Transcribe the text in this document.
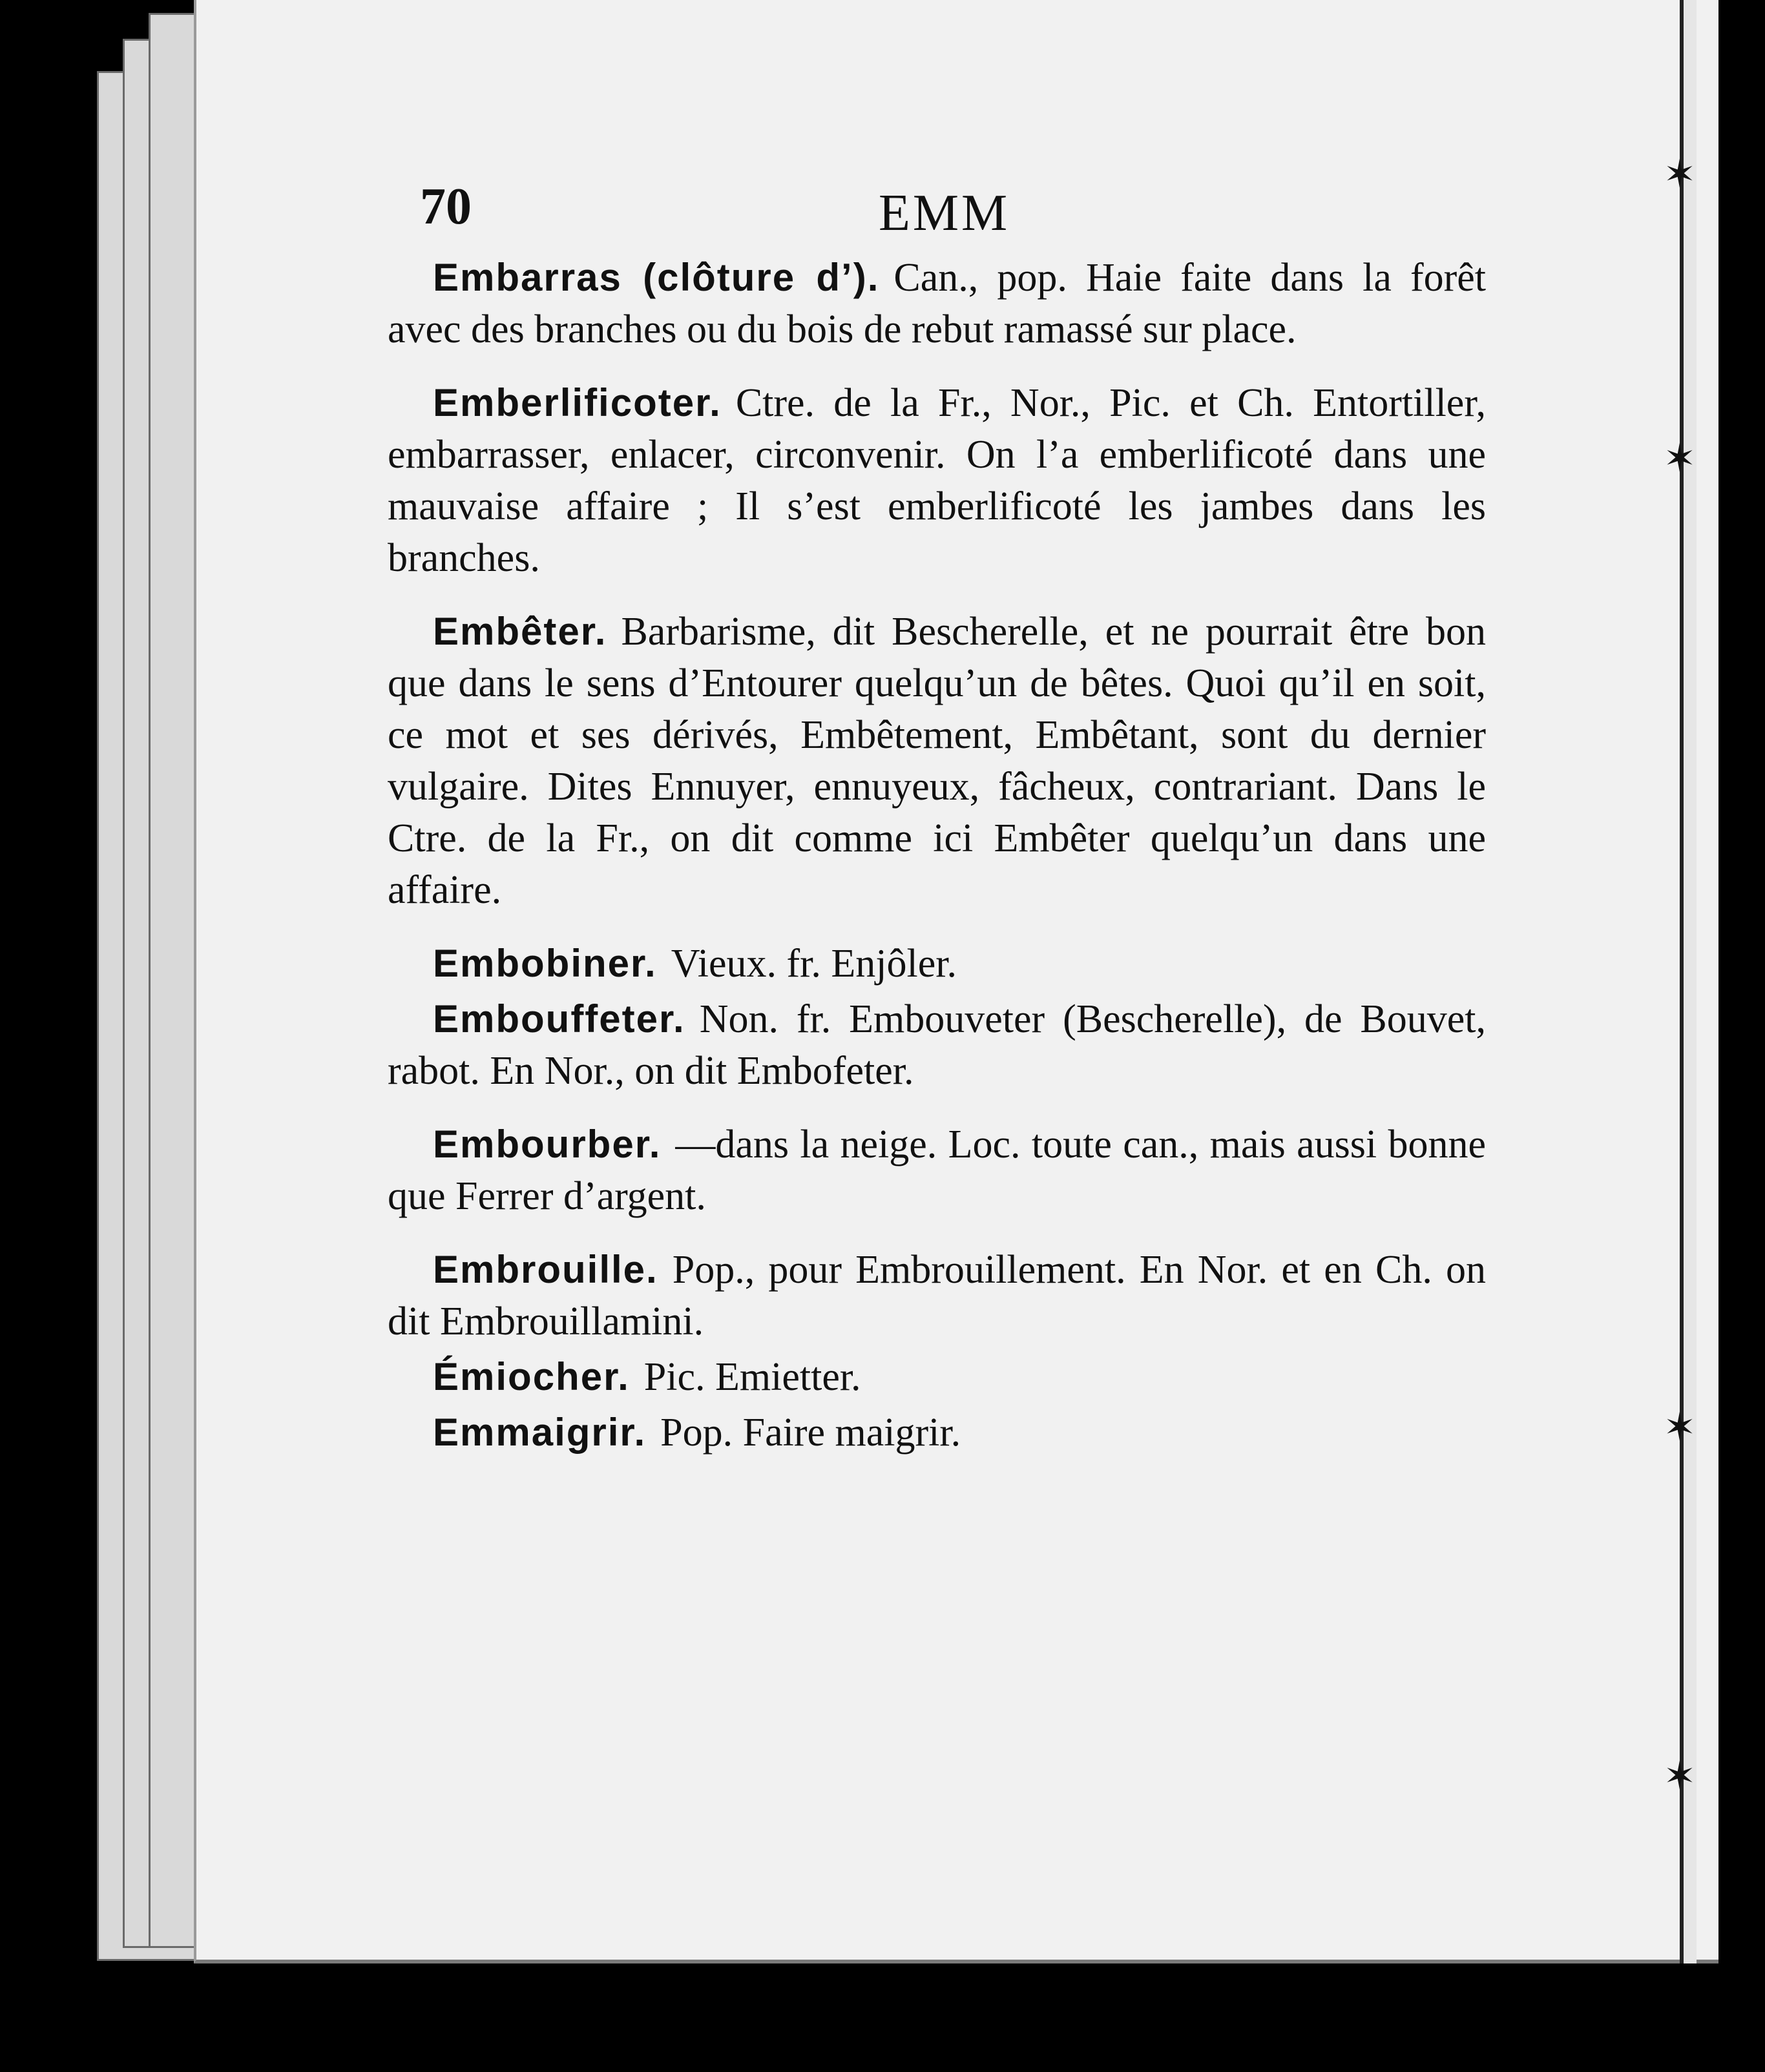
✶
✶
✶
✶
70	EMM

Embarras (clôture d’). Can., pop. Haie faite dans la forêt avec des branches ou du bois de rebut ramassé sur place.

Emberlificoter. Ctre. de la Fr., Nor., Pic. et Ch. Entortiller, embarrasser, enlacer, circonvenir. On l’a emberlificoté dans une mauvaise affaire ; Il s’est emberlificoté les jambes dans les branches.

Embêter. Barbarisme, dit Bescherelle, et ne pourrait être bon que dans le sens d’Entourer quelqu’un de bêtes. Quoi qu’il en soit, ce mot et ses dérivés, Embêtement, Embêtant, sont du dernier vulgaire. Dites Ennuyer, ennuyeux, fâcheux, contrariant. Dans le Ctre. de la Fr., on dit comme ici Embêter quelqu’un dans une affaire.

Embobiner. Vieux. fr. Enjôler.

Embouffeter. Non. fr. Embouveter (Bescherelle), de Bouvet, rabot. En Nor., on dit Embofeter.

Embourber. —dans la neige. Loc. toute can., mais aussi bonne que Ferrer d’argent.

Embrouille. Pop., pour Embrouillement. En Nor. et en Ch. on dit Embrouillamini.

Émiocher. Pic. Emietter.

Emmaigrir. Pop. Faire maigrir.
